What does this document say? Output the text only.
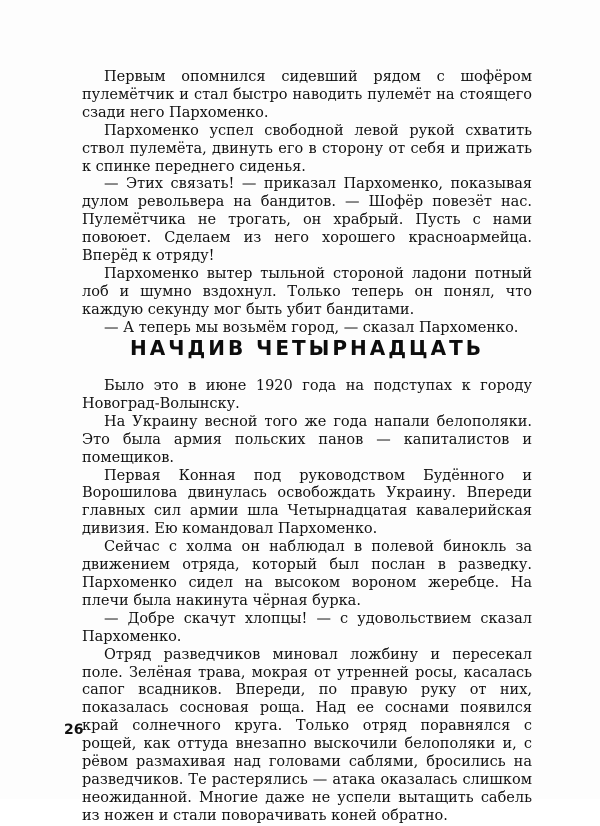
Первым опомнился сидевший рядом с шофёром пулемётчик и стал быстро наводить пулемёт на стоящего сзади него Пархоменко.

Пархоменко успел свободной левой рукой схватить ствол пулемёта, двинуть его в сторону от себя и прижать к спинке переднего сиденья.

— Этих связать! — приказал Пархоменко, показывая дулом револьвера на бандитов. — Шофёр повезёт нас. Пулемётчика не трогать, он храбрый. Пусть с нами повоюет. Сделаем из него хорошего красноармейца. Вперёд к отряду!

Пархоменко вытер тыльной стороной ладони потный лоб и шумно вздохнул. Только теперь он понял, что каждую секунду мог быть убит бандитами.

— А теперь мы возьмём город, — сказал Пархоменко.

НАЧДИВ ЧЕТЫРНАДЦАТЬ

Было это в июне 1920 года на подступах к городу Новоград-Волынску.

На Украину весной того же года напали белополяки. Это была армия польских панов — капиталистов и помещиков.

Первая Конная под руководством Будённого и Ворошилова двинулась освобождать Украину. Впереди главных сил армии шла Четырнадцатая кавалерийская дивизия. Ею командовал Пархоменко.

Сейчас с холма он наблюдал в полевой бинокль за движением отряда, который был послан в разведку. Пархоменко сидел на высоком вороном жеребце. На плечи была накинута чёрная бурка.

— Добре скачут хлопцы! — с удовольствием сказал Пархоменко.

Отряд разведчиков миновал ложбину и пересекал поле. Зелёная трава, мокрая от утренней росы, касалась сапог всадников. Впереди, по правую руку от них, показалась сосновая роща. Над ее соснами появился край солнечного круга. Только отряд поравнялся с рощей, как оттуда внезапно выскочили белополяки и, с рёвом размахивая над головами саблями, бросились на разведчиков. Те растерялись — атака оказалась слишком неожиданной. Многие даже не успели вытащить сабель из ножен и стали поворачивать коней обратно.

26
